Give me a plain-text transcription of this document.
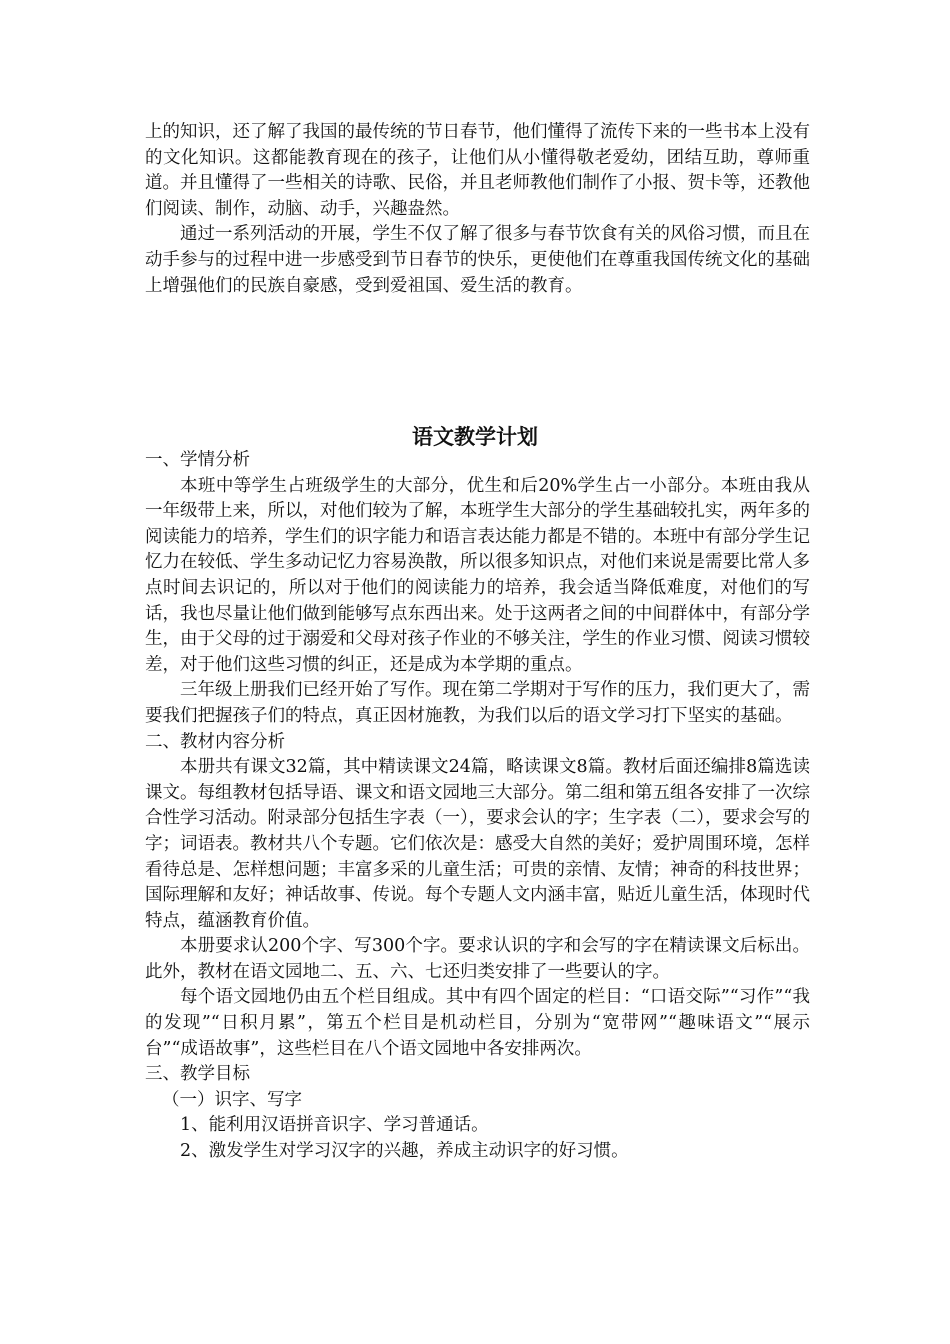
上的知识，还了解了我国的最传统的节日春节，他们懂得了流传下来的一些书本上没有的文化知识。这都能教育现在的孩子，让他们从小懂得敬老爱幼，团结互助，尊师重道。并且懂得了一些相关的诗歌、民俗，并且老师教他们制作了小报、贺卡等，还教他们阅读、制作，动脑、动手，兴趣盎然。

通过一系列活动的开展，学生不仅了解了很多与春节饮食有关的风俗习惯，而且在动手参与的过程中进一步感受到节日春节的快乐，更使他们在尊重我国传统文化的基础上增强他们的民族自豪感，受到爱祖国、爱生活的教育。

语文教学计划

一、学情分析

本班中等学生占班级学生的大部分，优生和后20%学生占一小部分。本班由我从一年级带上来，所以，对他们较为了解，本班学生大部分的学生基础较扎实，两年多的阅读能力的培养，学生们的识字能力和语言表达能力都是不错的。本班中有部分学生记忆力在较低、学生多动记忆力容易涣散，所以很多知识点，对他们来说是需要比常人多点时间去识记的，所以对于他们的阅读能力的培养，我会适当降低难度，对他们的写话，我也尽量让他们做到能够写点东西出来。处于这两者之间的中间群体中，有部分学生，由于父母的过于溺爱和父母对孩子作业的不够关注，学生的作业习惯、阅读习惯较差，对于他们这些习惯的纠正，还是成为本学期的重点。

三年级上册我们已经开始了写作。现在第二学期对于写作的压力，我们更大了，需要我们把握孩子们的特点，真正因材施教，为我们以后的语文学习打下坚实的基础。

二、教材内容分析

本册共有课文32篇，其中精读课文24篇，略读课文8篇。教材后面还编排8篇选读课文。每组教材包括导语、课文和语文园地三大部分。第二组和第五组各安排了一次综合性学习活动。附录部分包括生字表（一），要求会认的字；生字表（二），要求会写的字；词语表。教材共八个专题。它们依次是：感受大自然的美好；爱护周围环境，怎样看待总是、怎样想问题；丰富多采的儿童生活；可贵的亲情、友情；神奇的科技世界；国际理解和友好；神话故事、传说。每个专题人文内涵丰富，贴近儿童生活，体现时代特点，蕴涵教育价值。

本册要求认200个字、写300个字。要求认识的字和会写的字在精读课文后标出。此外，教材在语文园地二、五、六、七还归类安排了一些要认的字。

每个语文园地仍由五个栏目组成。其中有四个固定的栏目：“口语交际”“习作”“我的发现”“日积月累”，第五个栏目是机动栏目，分别为“宽带网”“趣味语文”“展示台”“成语故事”，这些栏目在八个语文园地中各安排两次。

三、教学目标

（一）识字、写字

1、能利用汉语拼音识字、学习普通话。

2、激发学生对学习汉字的兴趣，养成主动识字的好习惯。
